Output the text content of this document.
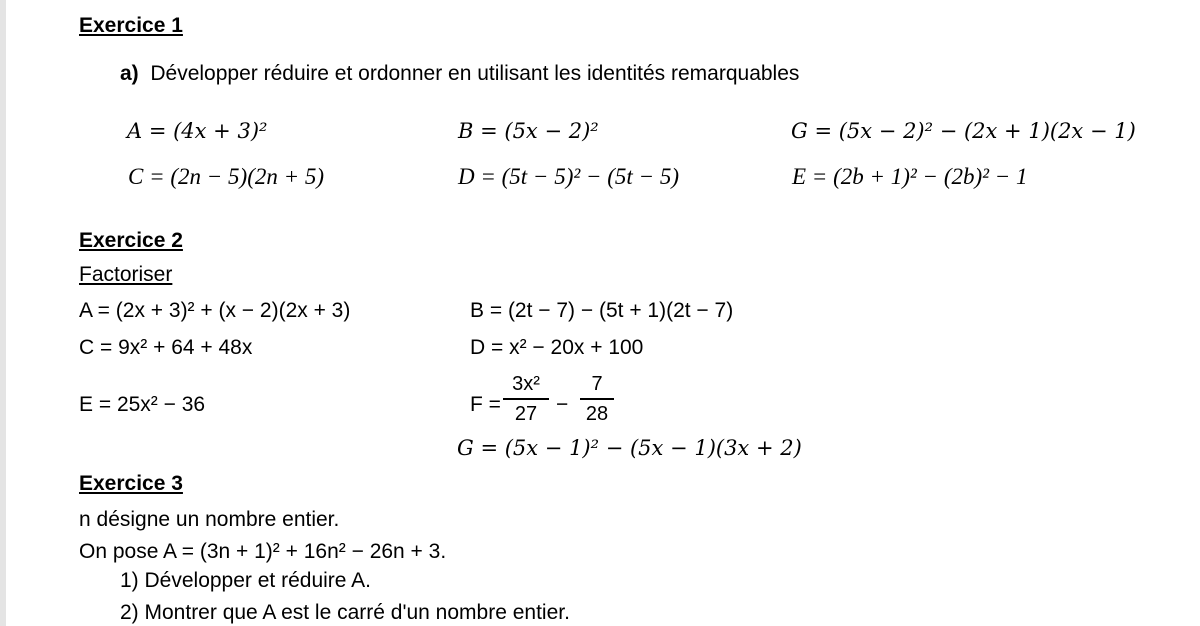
Exercice 1
a) Développer réduire et ordonner en utilisant les identités remarquables
A = (4x + 3)²	B = (5x − 2)²	G = (5x − 2)² − (2x + 1)(2x − 1)
C = (2n − 5)(2n + 5)	D = (5t − 5)² − (5t − 5)	E = (2b + 1)² − (2b)² − 1
Exercice 2
Factoriser
A = (2x + 3)² + (x − 2)(2x + 3)	B = (2t − 7) − (5t + 1)(2t − 7)
C = 9x² + 64 + 48x	D = x² − 20x + 100
E = 25x² − 36	F =
3x²
27 −
7
28
G = (5x − 1)² − (5x − 1)(3x + 2)
Exercice 3
n désigne un nombre entier.
On pose A = (3n + 1)² + 16n² − 26n + 3.
1) Développer et réduire A.
2) Montrer que A est le carré d'un nombre entier.
